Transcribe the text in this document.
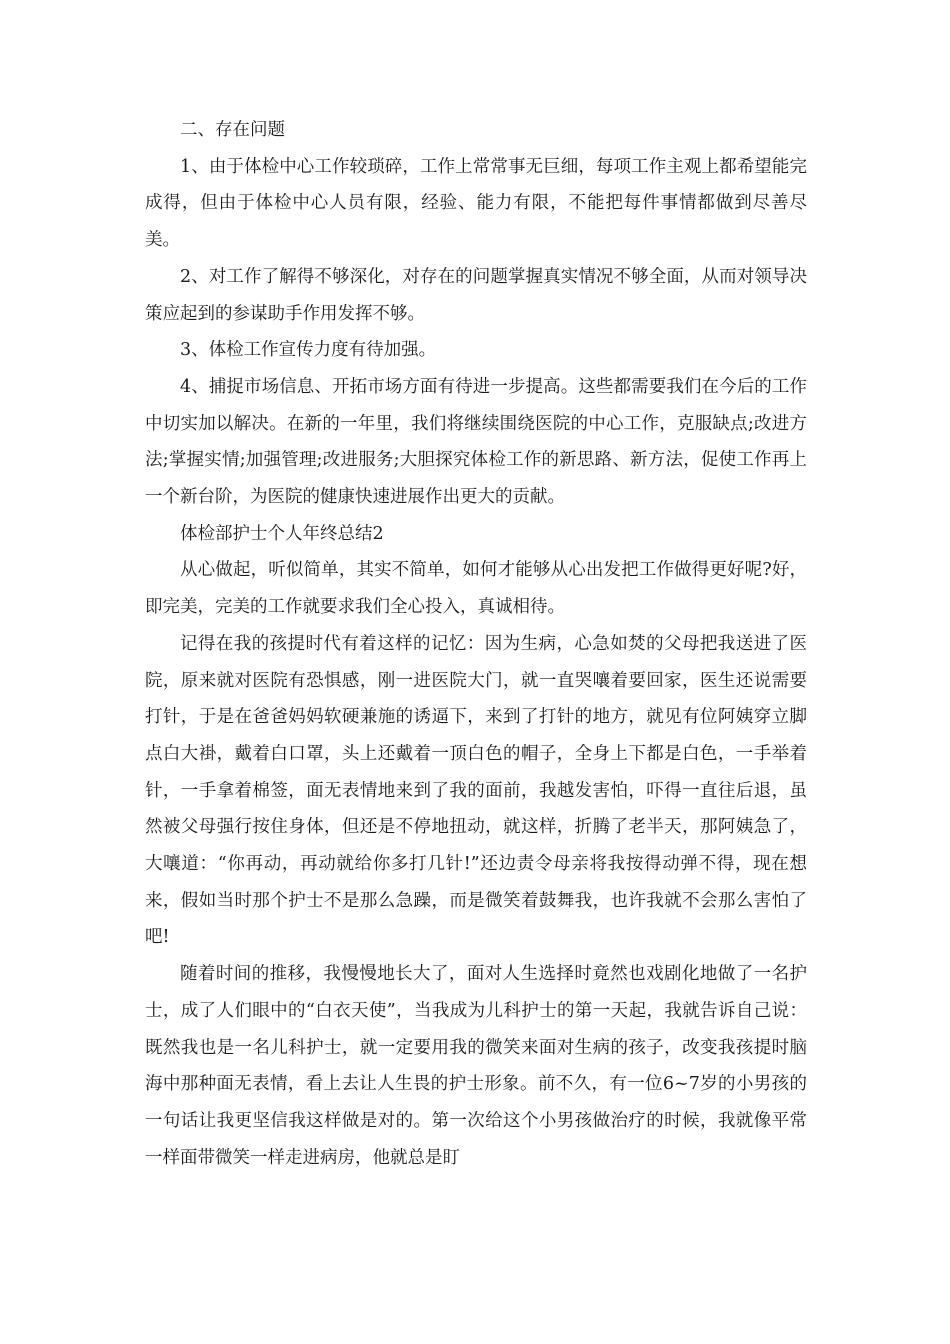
二、存在问题

1、由于体检中心工作较琐碎，工作上常常事无巨细，每项工作主观上都希望能完成得，但由于体检中心人员有限，经验、能力有限，不能把每件事情都做到尽善尽美。

2、对工作了解得不够深化，对存在的问题掌握真实情况不够全面，从而对领导决策应起到的参谋助手作用发挥不够。

3、体检工作宣传力度有待加强。

4、捕捉市场信息、开拓市场方面有待进一步提高。这些都需要我们在今后的工作中切实加以解决。在新的一年里，我们将继续围绕医院的中心工作，克服缺点;改进方法;掌握实情;加强管理;改进服务;大胆探究体检工作的新思路、新方法，促使工作再上一个新台阶，为医院的健康快速进展作出更大的贡献。

体检部护士个人年终总结2

从心做起，听似简单，其实不简单，如何才能够从心出发把工作做得更好呢?好，即完美，完美的工作就要求我们全心投入，真诚相待。

记得在我的孩提时代有着这样的记忆：因为生病，心急如焚的父母把我送进了医院，原来就对医院有恐惧感，刚一进医院大门，就一直哭嚷着要回家，医生还说需要打针，于是在爸爸妈妈软硬兼施的诱逼下，来到了打针的地方，就见有位阿姨穿立脚点白大褂，戴着白口罩，头上还戴着一顶白色的帽子，全身上下都是白色，一手举着针，一手拿着棉签，面无表情地来到了我的面前，我越发害怕，吓得一直往后退，虽然被父母强行按住身体，但还是不停地扭动，就这样，折腾了老半天，那阿姨急了，大嚷道：“你再动，再动就给你多打几针!”还边责令母亲将我按得动弹不得，现在想来，假如当时那个护士不是那么急躁，而是微笑着鼓舞我，也许我就不会那么害怕了吧!

随着时间的推移，我慢慢地长大了，面对人生选择时竟然也戏剧化地做了一名护士，成了人们眼中的“白衣天使”，当我成为儿科护士的第一天起，我就告诉自己说：既然我也是一名儿科护士，就一定要用我的微笑来面对生病的孩子，改变我孩提时脑海中那种面无表情，看上去让人生畏的护士形象。前不久，有一位6~7岁的小男孩的一句话让我更坚信我这样做是对的。第一次给这个小男孩做治疗的时候，我就像平常一样面带微笑一样走进病房，他就总是盯
